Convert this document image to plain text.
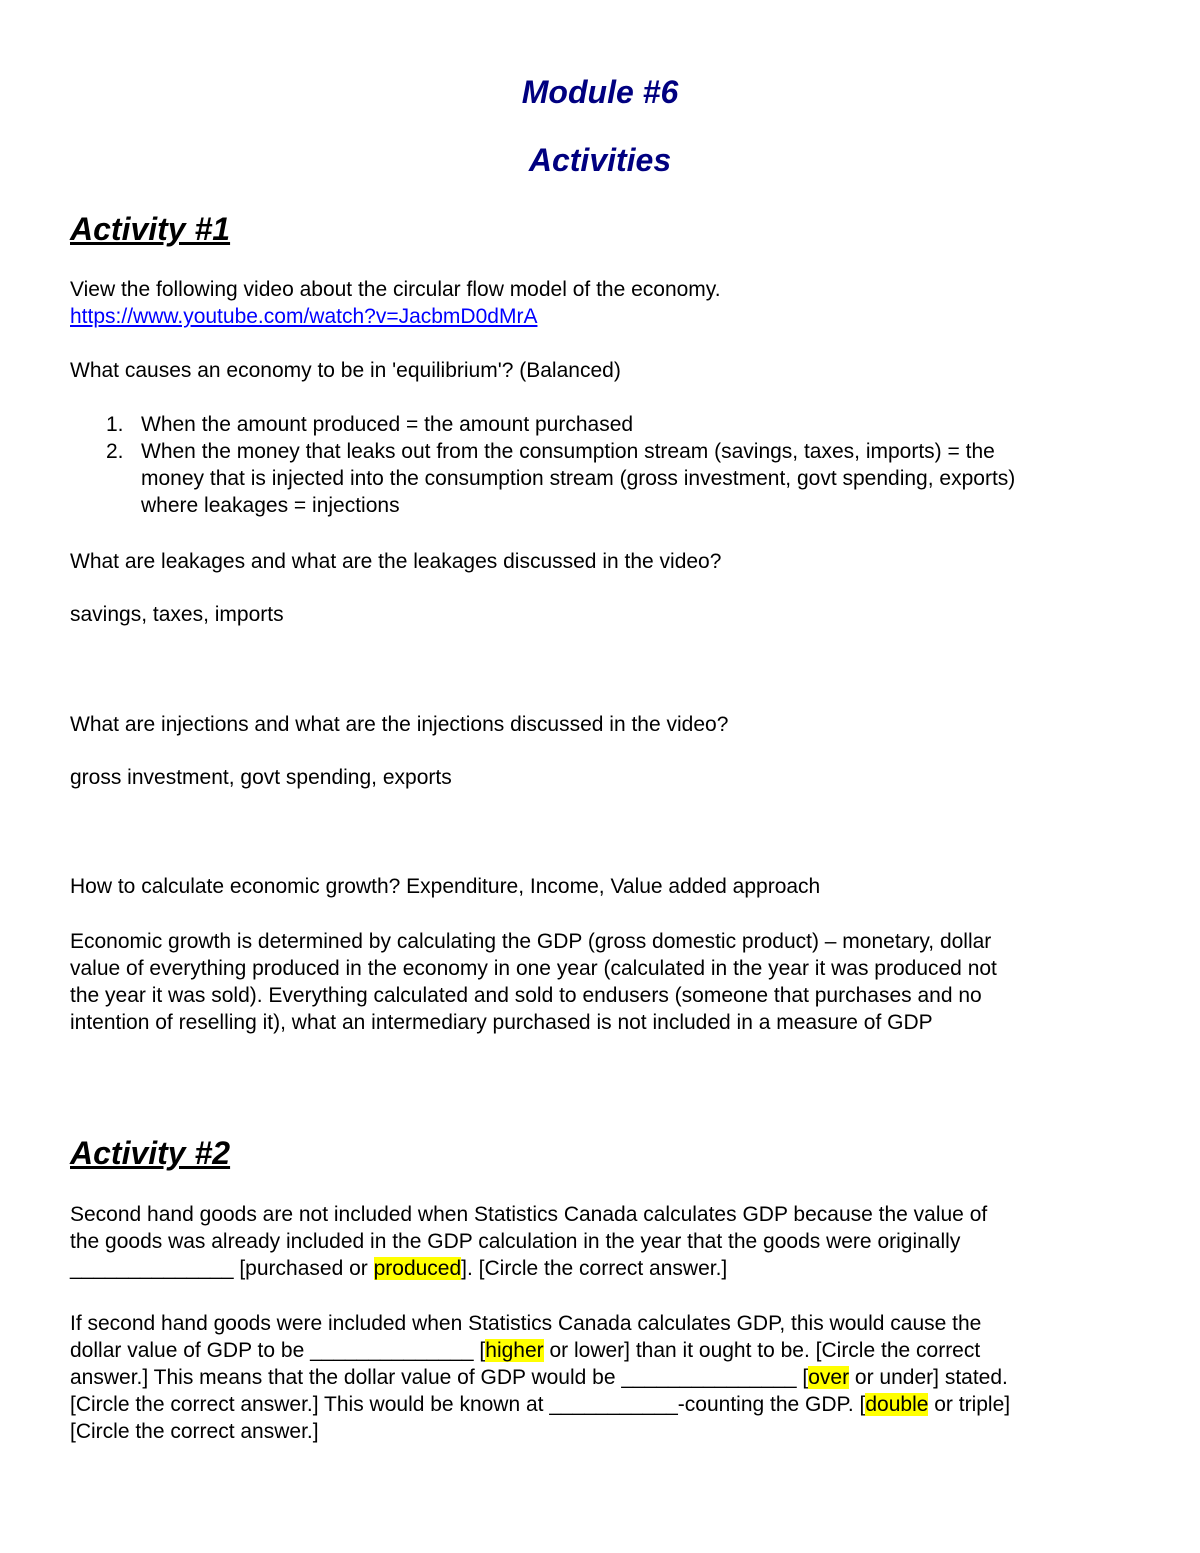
Module #6
Activities
Activity #1
View the following video about the circular flow model of the economy.
https://www.youtube.com/watch?v=JacbmD0dMrA
What causes an economy to be in 'equilibrium'? (Balanced)
1. When the amount produced = the amount purchased
2. When the money that leaks out from the consumption stream (savings, taxes, imports) = the
money that is injected into the consumption stream (gross investment, govt spending, exports)
where leakages = injections
What are leakages and what are the leakages discussed in the video?
savings, taxes, imports
What are injections and what are the injections discussed in the video?
gross investment, govt spending, exports
How to calculate economic growth? Expenditure, Income, Value added approach
Economic growth is determined by calculating the GDP (gross domestic product) – monetary, dollar
value of everything produced in the economy in one year (calculated in the year it was produced not
the year it was sold). Everything calculated and sold to endusers (someone that purchases and no
intention of reselling it), what an intermediary purchased is not included in a measure of GDP
Activity #2
Second hand goods are not included when Statistics Canada calculates GDP because the value of
the goods was already included in the GDP calculation in the year that the goods were originally
______________ [purchased or produced]. [Circle the correct answer.]
If second hand goods were included when Statistics Canada calculates GDP, this would cause the
dollar value of GDP to be ______________ [higher or lower] than it ought to be. [Circle the correct
answer.] This means that the dollar value of GDP would be _______________ [over or under] stated.
[Circle the correct answer.] This would be known at ___________-counting the GDP. [double or triple]
[Circle the correct answer.]
